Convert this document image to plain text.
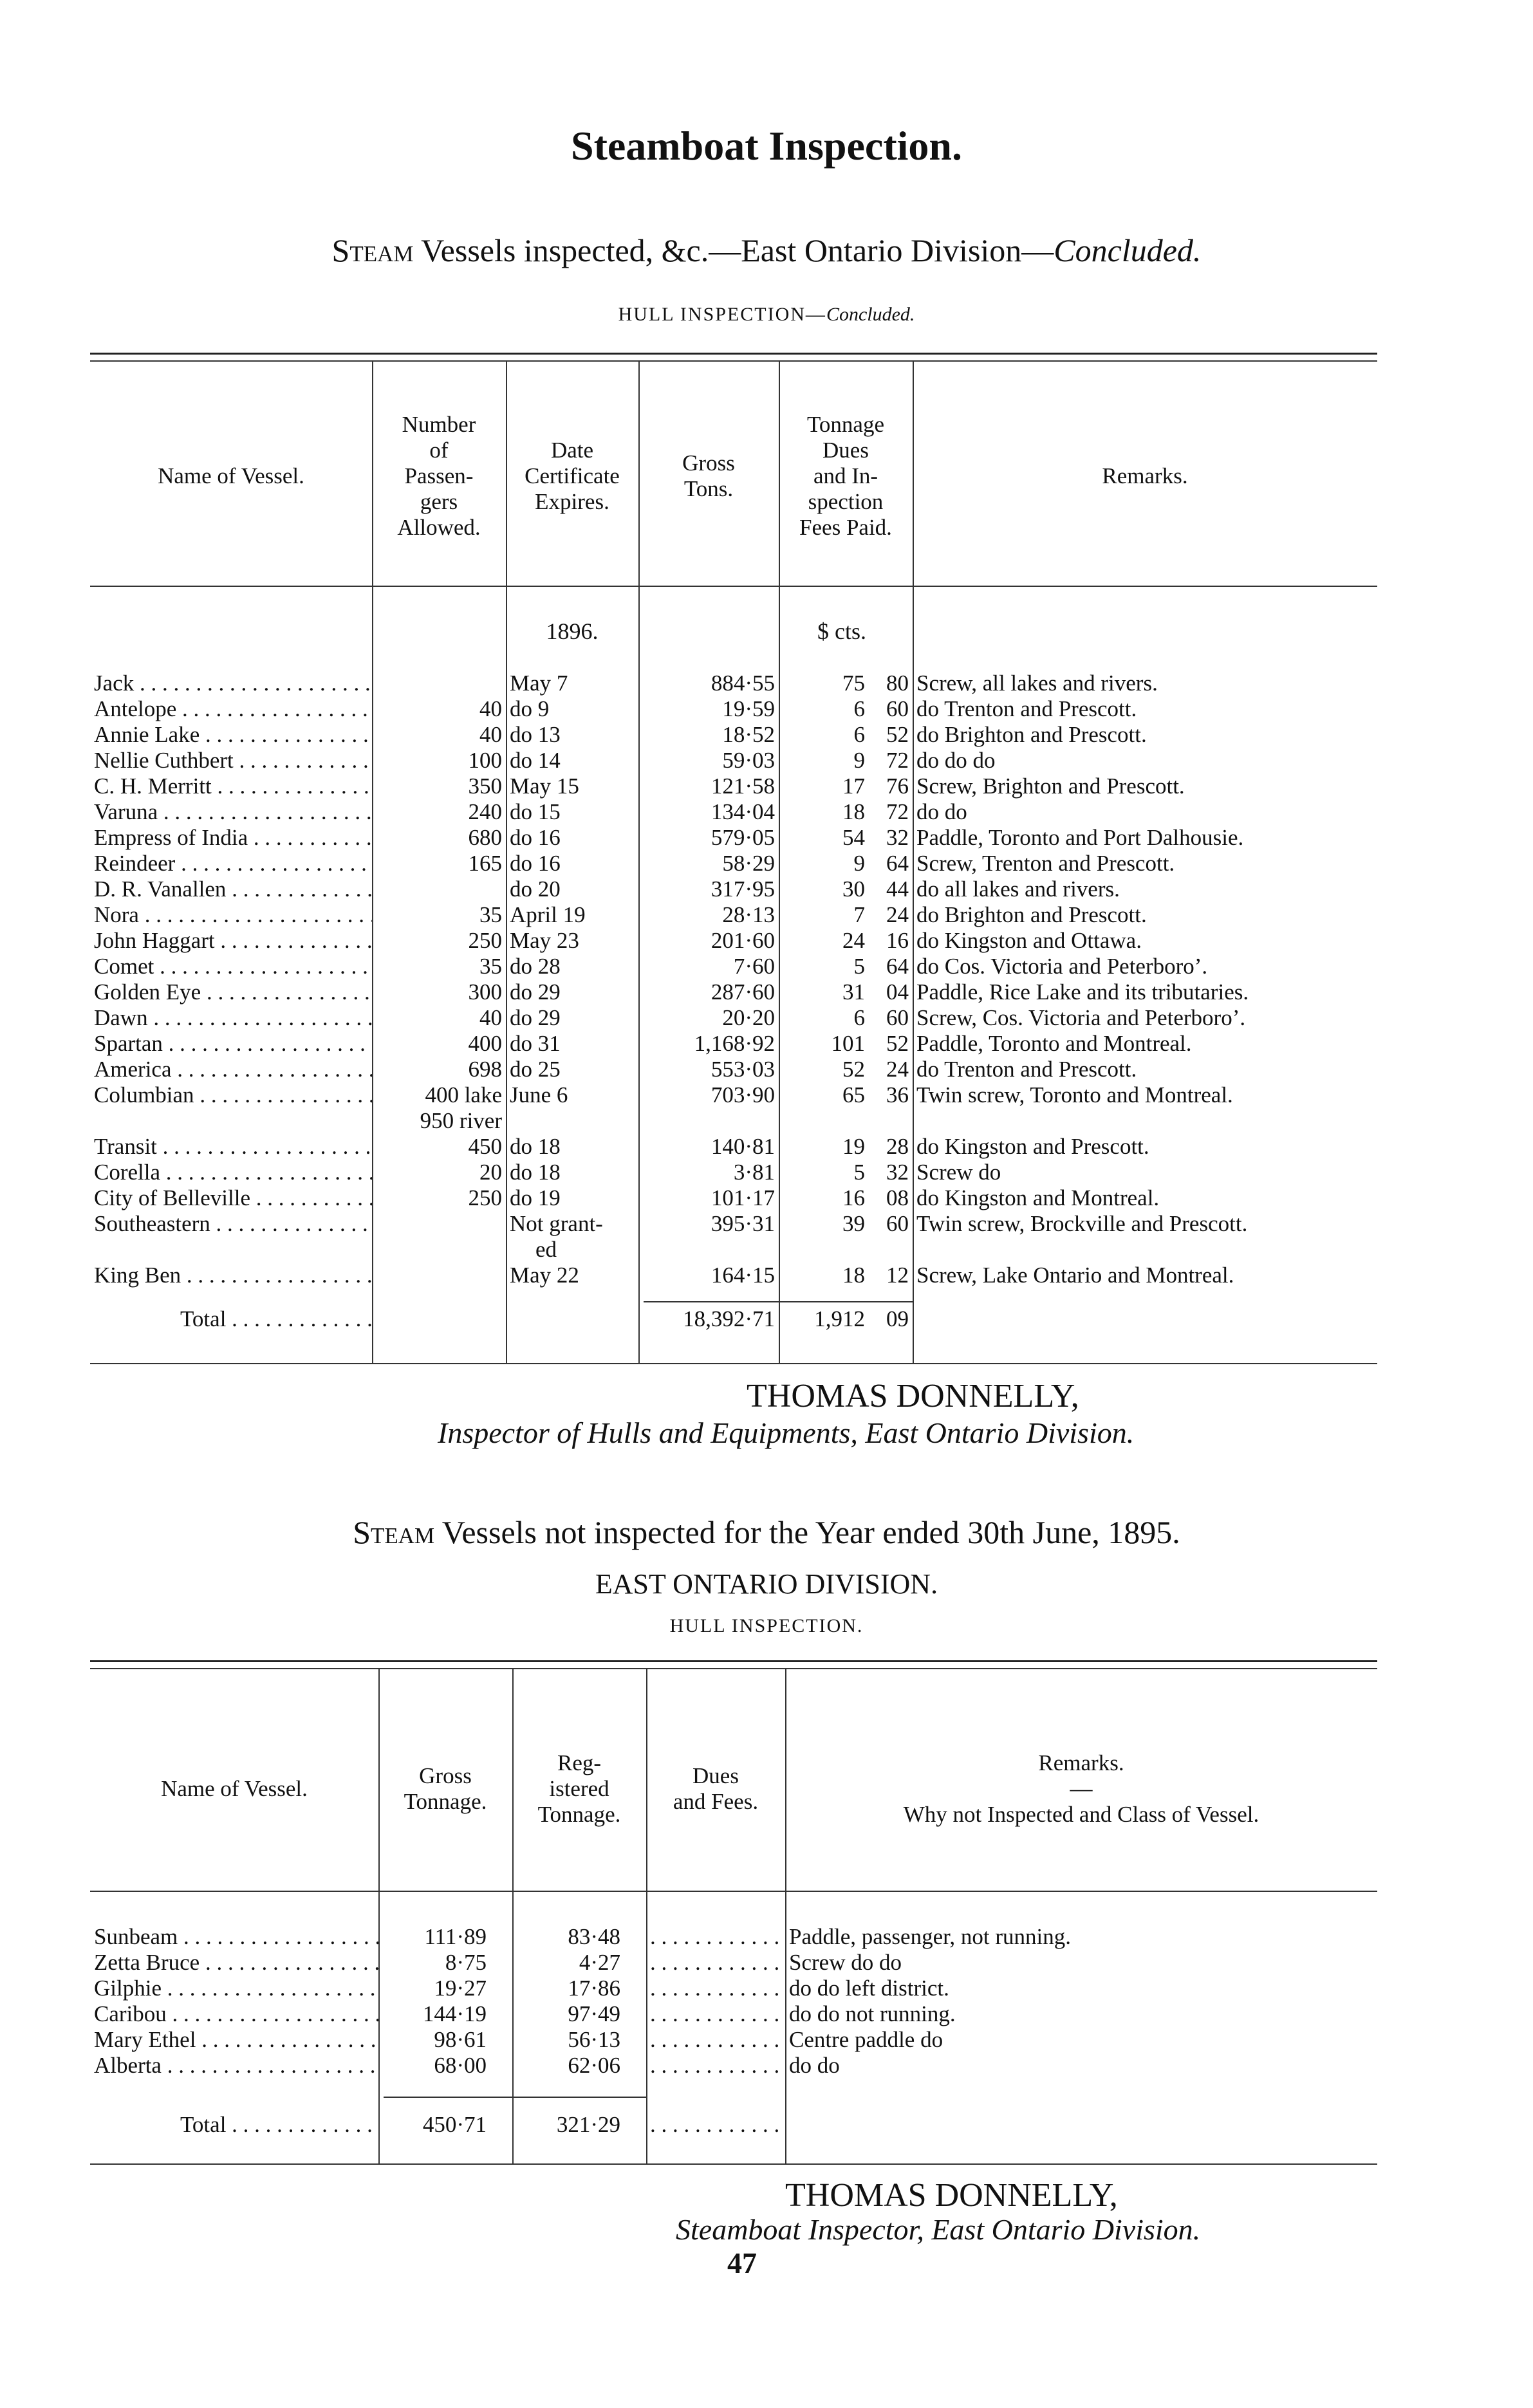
Steamboat Inspection.
Steam Vessels inspected, &c.—East Ontario Division—Concluded.
HULL INSPECTION—Concluded.
Name of Vessel.	
Number
of
Passen-
gers
Allowed.

Date
Certificate
Expires.

Gross
Tons.

Tonnage
Dues
and In-
spection
Fees Paid.
	Remarks.
1896.	$ cts.
Jack . . .		May 7	884·55	75	80	Screw, all lakes and rivers.
Antelope . . .	40	do 9	19·59	6	60	do Trenton and Prescott.
Annie Lake . . .	40	do 13	18·52	6	52	do Brighton and Prescott.
Nellie Cuthbert . . .	100	do 14	59·03	9	72	do do do
C. H. Merritt . . .	350	May 15	121·58	17	76	Screw, Brighton and Prescott.
Varuna . . .	240	do 15	134·04	18	72	do do
Empress of India . . .	680	do 16	579·05	54	32	Paddle, Toronto and Port Dalhousie.
Reindeer . . .	165	do 16	58·29	9	64	Screw, Trenton and Prescott.
D. R. Vanallen . . .		do 20	317·95	30	44	do all lakes and rivers.
Nora . . .	35	April 19	28·13	7	24	do Brighton and Prescott.
John Haggart . . .	250	May 23	201·60	24	16	do Kingston and Ottawa.
Comet . . .	35	do 28	7·60	5	64	do Cos. Victoria and Peterboro’.
Golden Eye . . .	300	do 29	287·60	31	04	Paddle, Rice Lake and its tributaries.
Dawn . . .	40	do 29	20·20	6	60	Screw, Cos. Victoria and Peterboro’.
Spartan . . .	400	do 31	1,168·92	101	52	Paddle, Toronto and Montreal.
America . . .	698	do 25	553·03	52	24	do Trenton and Prescott.
Columbian . . .	400 lake
950 river	June 6	703·90	65	36	Twin screw, Toronto and Montreal.
Transit . . .	450	do 18	140·81	19	28	do Kingston and Prescott.
Corella . . .	20	do 18	3·81	5	32	Screw do
City of Belleville . . .	250	do 19	101·17	16	08	do Kingston and Montreal.
Southeastern . . .		Not grant-
ed	395·31	39	60	Twin screw, Brockville and Prescott.
King Ben . . .		May 22	164·15	18	12	Screw, Lake Ontario and Montreal.
Total . . .			18,392·71	1,912	09	
THOMAS DONNELLY,
Inspector of Hulls and Equipments, East Ontario Division.
Steam Vessels not inspected for the Year ended 30th June, 1895.
EAST ONTARIO DIVISION.
HULL INSPECTION.
Name of Vessel.	
Gross
Tonnage.

Reg-
istered
Tonnage.

Dues
and Fees.

Remarks.
—
Why not Inspected and Class of Vessel.
Sunbeam . . .	111·89	83·48	. . .	Paddle, passenger, not running.
Zetta Bruce . . .	8·75	4·27	. . .	Screw do do
Gilphie . . .	19·27	17·86	. . .	do do left district.
Caribou . . .	144·19	97·49	. . .	do do not running.
Mary Ethel . . .	98·61	56·13	. . .	Centre paddle do
Alberta . . .	68·00	62·06	. . .	do do
Total . . .	450·71	321·29	. . .	
THOMAS DONNELLY,
Steamboat Inspector, East Ontario Division.
47
